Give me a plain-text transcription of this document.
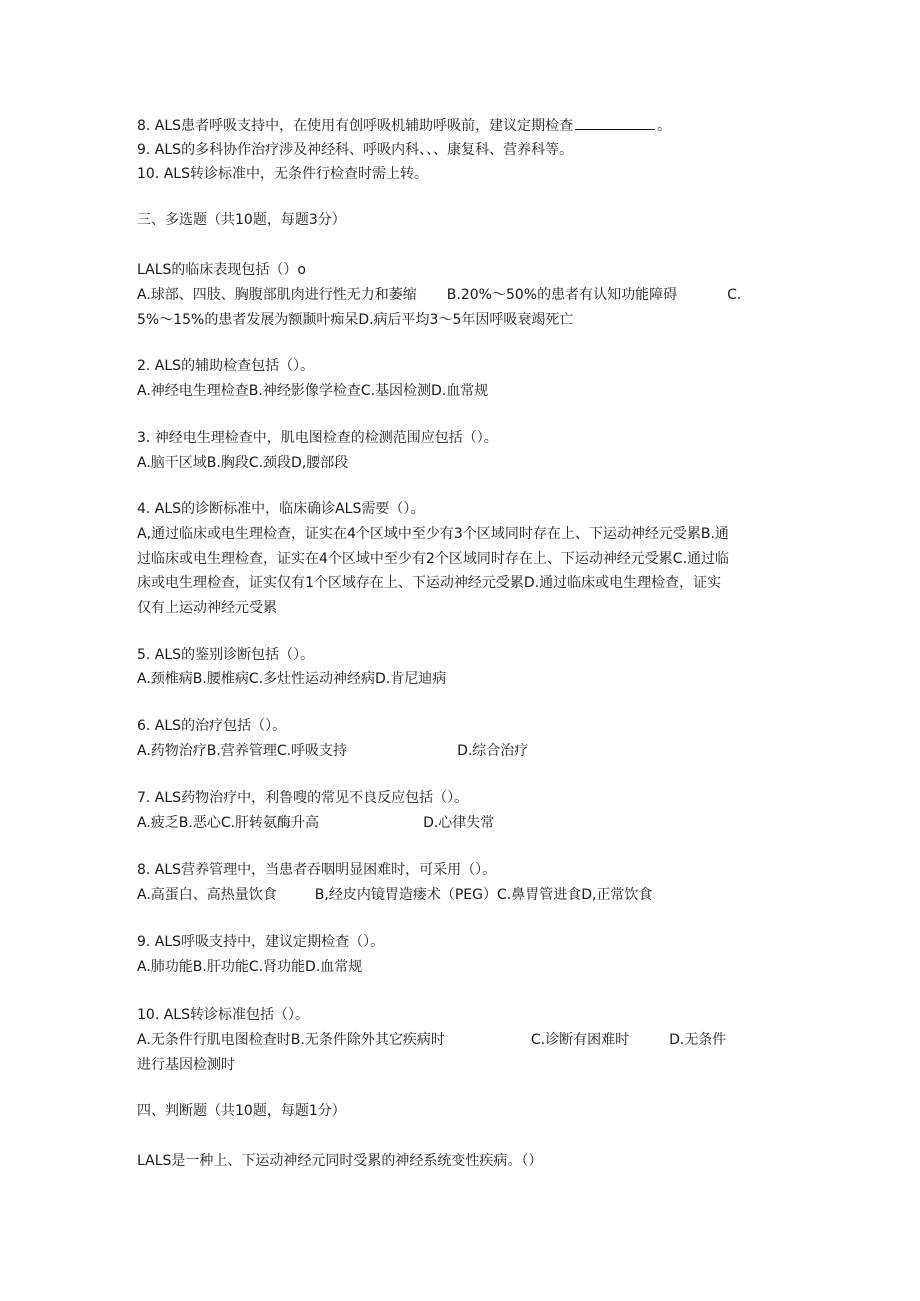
8. ALS患者呼吸支持中，在使用有创呼吸机辅助呼吸前，建议定期检查	。
9. ALS的多科协作治疗涉及神经科、呼吸内科、、、康复科、营养科等。
10. ALS转诊标准中，无条件行检查时需上转。
三、多选题（共10题，每题3分）
LALS的临床表现包括（）o
A.球部、四肢、胸腹部肌肉进行性无力和萎缩 B.20%～50%的患者有认知功能障碍	C.
5%～15%的患者发展为额颞叶痴呆D.病后平均3～5年因呼吸衰竭死亡
2. ALS的辅助检查包括（）。
A.神经电生理检查B.神经影像学检查C.基因检测D.血常规
3. 神经电生理检查中，肌电图检查的检测范围应包括（）。
A.脑干区域B.胸段C.颈段D,腰部段
4. ALS的诊断标准中，临床确诊ALS需要（）。
A,通过临床或电生理检查，证实在4个区域中至少有3个区域同时存在上、下运动神经元受累B.通
过临床或电生理检查，证实在4个区域中至少有2个区域同时存在上、下运动神经元受累C.通过临
床或电生理检查，证实仅有1个区域存在上、下运动神经元受累D.通过临床或电生理检查，证实
仅有上运动神经元受累
5. ALS的鉴别诊断包括（）。
A.颈椎病B.腰椎病C.多灶性运动神经病D.肯尼迪病
6. ALS的治疗包括（）。
A.药物治疗B.营养管理C.呼吸支持	D.综合治疗
7. ALS药物治疗中，利鲁嗖的常见不良反应包括（）。
A.疲乏B.恶心C.肝转氨酶升高	D.心律失常
8. ALS营养管理中，当患者吞咽明显困难时，可采用（）。
A.高蛋白、高热量饮食	B,经皮内镜胃造瘘术（PEG）C.鼻胃管进食D,正常饮食
9. ALS呼吸支持中，建议定期检查（）。
A.肺功能B.肝功能C.肾功能D.血常规
10. ALS转诊标准包括（）。
A.无条件行肌电图检查时B.无条件除外其它疾病时	C.诊断有困难时	D.无条件
进行基因检测时
四、判断题（共10题，每题1分）
LALS是一种上、下运动神经元同时受累的神经系统变性疾病。（）
